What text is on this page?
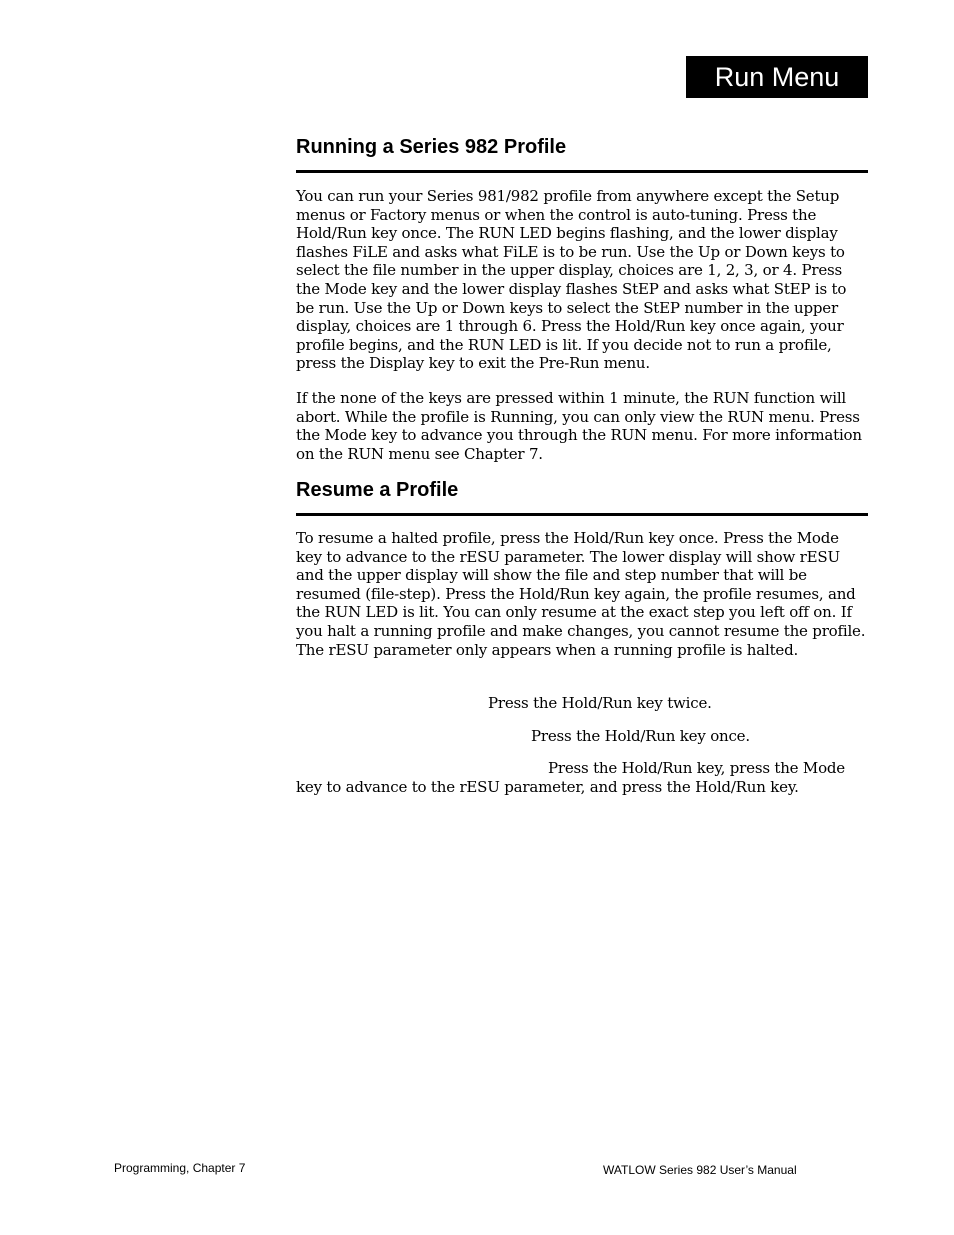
Run Menu
Running a Series 982 Profile

You can run your Series 981/982 profile from anywhere except the Setup menus or Factory menus or when the control is auto-tuning. Press the Hold/Run key once. The RUN LED begins flashing, and the lower display flashes FiLE and asks what FiLE is to be run. Use the Up or Down keys to select the file number in the upper display, choices are 1, 2, 3, or 4. Press the Mode key and the lower display flashes StEP and asks what StEP is to be run. Use the Up or Down keys to select the StEP number in the upper display, choices are 1 through 6. Press the Hold/Run key once again, your profile begins, and the RUN LED is lit. If you decide not to run a profile, press the Display key to exit the Pre-Run menu.

If the none of the keys are pressed within 1 minute, the RUN function will abort. While the profile is Running, you can only view the RUN menu. Press the Mode key to advance you through the RUN menu. For more information on the RUN menu see Chapter 7.

Resume a Profile

To resume a halted profile, press the Hold/Run key once. Press the Mode key to advance to the rESU parameter. The lower display will show rESU and the upper display will show the file and step number that will be resumed (file-step). Press the Hold/Run key again, the profile resumes, and the RUN LED is lit. You can only resume at the exact step you left off on. If you halt a running profile and make changes, you cannot resume the profile. The rESU parameter only appears when a running profile is halted.

Press the Hold/Run key twice.

Press the Hold/Run key once.

Press the Hold/Run key, press the Mode key to advance to the rESU parameter, and press the Hold/Run key.

Programming, Chapter 7	WATLOW Series 982 User’s Manual
